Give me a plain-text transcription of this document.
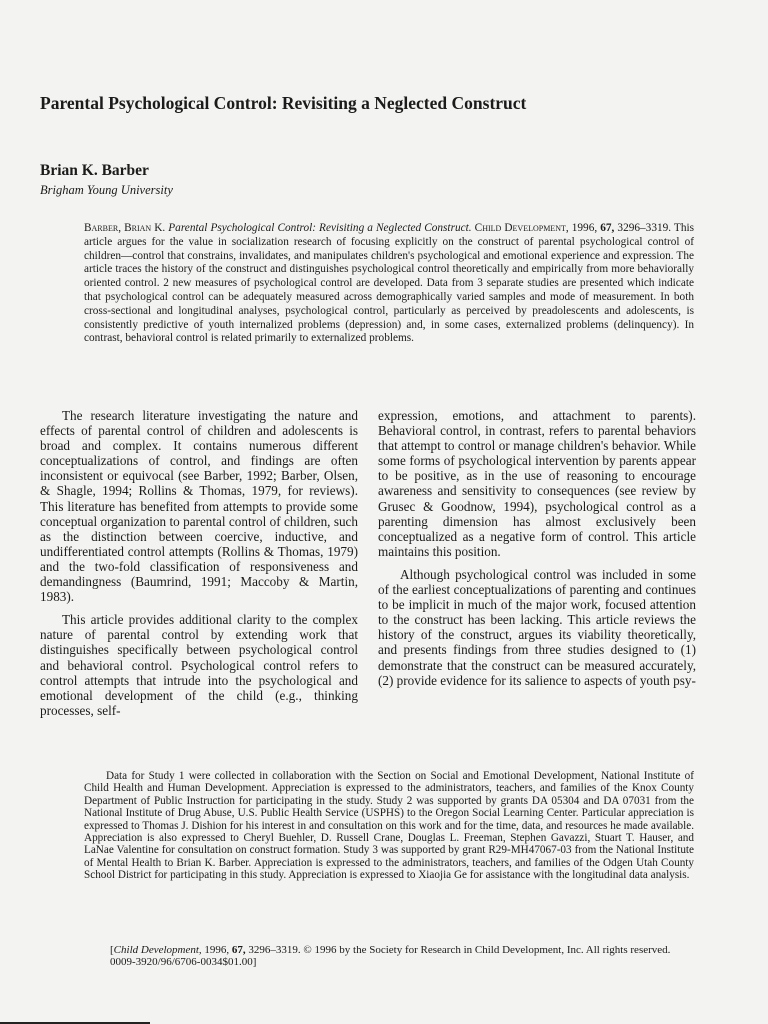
Parental Psychological Control: Revisiting a Neglected Construct
Brian K. Barber
Brigham Young University

Barber, Brian K. Parental Psychological Control: Revisiting a Neglected Construct. Child Development, 1996, 67, 3296–3319. This article argues for the value in socialization research of focusing explicitly on the construct of parental psychological control of children—control that constrains, invalidates, and manipulates children's psychological and emotional experience and expression. The article traces the history of the construct and distinguishes psychological control theoretically and empirically from more behaviorally oriented control. 2 new measures of psychological control are developed. Data from 3 separate studies are presented which indicate that psychological control can be adequately measured across demographically varied samples and mode of measurement. In both cross-sectional and longitudinal analyses, psychological control, particularly as perceived by preadolescents and adolescents, is consistently predictive of youth internalized problems (depression) and, in some cases, externalized problems (delinquency). In contrast, behavioral control is related primarily to externalized problems.

The research literature investigating the nature and effects of parental control of children and adolescents is broad and complex. It contains numerous different conceptualizations of control, and findings are often inconsistent or equivocal (see Barber, 1992; Barber, Olsen, & Shagle, 1994; Rollins & Thomas, 1979, for reviews). This literature has benefited from attempts to provide some conceptual organization to parental control of children, such as the distinction between coercive, inductive, and undifferentiated control attempts (Rollins & Thomas, 1979) and the two-fold classification of responsiveness and demandingness (Baumrind, 1991; Maccoby & Martin, 1983).

This article provides additional clarity to the complex nature of parental control by extending work that distinguishes specifically between psychological control and behavioral control. Psychological control refers to control attempts that intrude into the psychological and emotional development of the child (e.g., thinking processes, self-

expression, emotions, and attachment to parents). Behavioral control, in contrast, refers to parental behaviors that attempt to control or manage children's behavior. While some forms of psychological intervention by parents appear to be positive, as in the use of reasoning to encourage awareness and sensitivity to consequences (see review by Grusec & Goodnow, 1994), psychological control as a parenting dimension has almost exclusively been conceptualized as a negative form of control. This article maintains this position.

Although psychological control was included in some of the earliest conceptualizations of parenting and continues to be implicit in much of the major work, focused attention to the construct has been lacking. This article reviews the history of the construct, argues its viability theoretically, and presents findings from three studies designed to (1) demonstrate that the construct can be measured accurately, (2) provide evidence for its salience to aspects of youth psy-

Data for Study 1 were collected in collaboration with the Section on Social and Emotional Development, National Institute of Child Health and Human Development. Appreciation is expressed to the administrators, teachers, and families of the Knox County Department of Public Instruction for participating in the study. Study 2 was supported by grants DA 05304 and DA 07031 from the National Institute of Drug Abuse, U.S. Public Health Service (USPHS) to the Oregon Social Learning Center. Particular appreciation is expressed to Thomas J. Dishion for his interest in and consultation on this work and for the time, data, and resources he made available. Appreciation is also expressed to Cheryl Buehler, D. Russell Crane, Douglas L. Freeman, Stephen Gavazzi, Stuart T. Hauser, and LaNae Valentine for consultation on construct formation. Study 3 was supported by grant R29-MH47067-03 from the National Institute of Mental Health to Brian K. Barber. Appreciation is expressed to the administrators, teachers, and families of the Odgen Utah County School District for participating in this study. Appreciation is expressed to Xiaojia Ge for assistance with the longitudinal data analysis.

[Child Development, 1996, 67, 3296–3319. © 1996 by the Society for Research in Child Development, Inc. All rights reserved. 0009-3920/96/6706-0034$01.00]
